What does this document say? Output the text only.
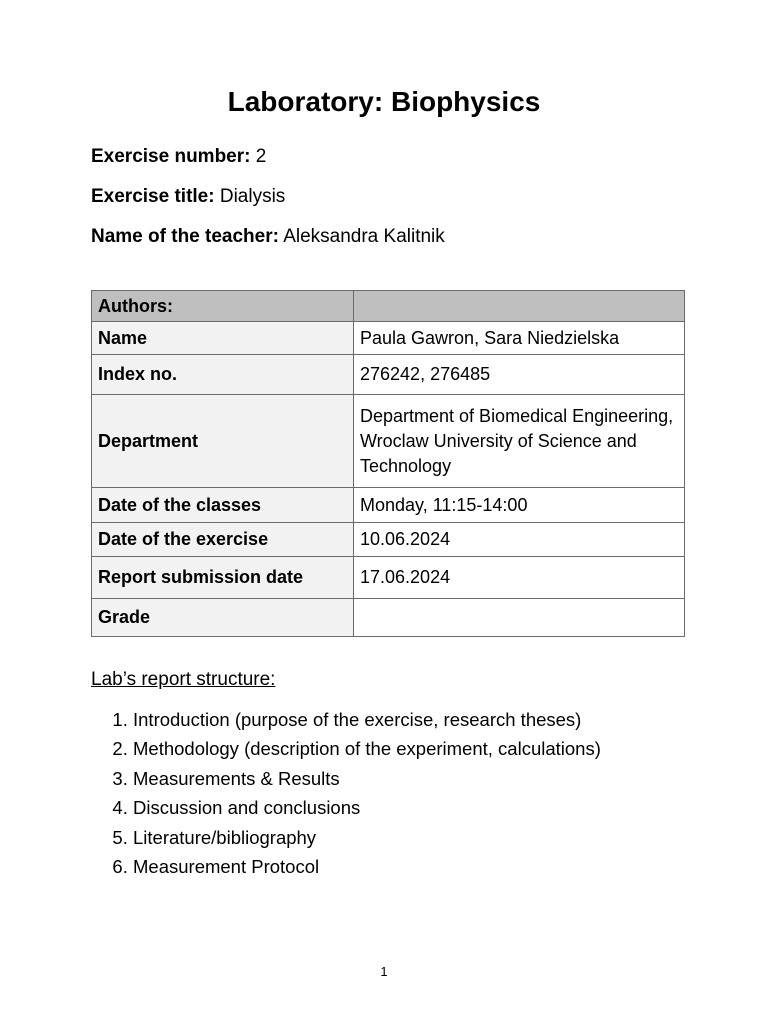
Laboratory: Biophysics
Exercise number: 2
Exercise title: Dialysis
Name of the teacher: Aleksandra Kalitnik
Authors:	
Name	Paula Gawron, Sara Niedzielska
Index no.	276242, 276485
Department	Department of Biomedical Engineering, Wroclaw University of Science and Technology
Date of the classes	Monday, 11:15-14:00
Date of the exercise	10.06.2024
Report submission date	17.06.2024
Grade	
Lab’s report structure:
1. Introduction (purpose of the exercise, research theses)
2. Methodology (description of the experiment, calculations)
3. Measurements & Results
4. Discussion and conclusions
5. Literature/bibliography
6. Measurement Protocol
1
